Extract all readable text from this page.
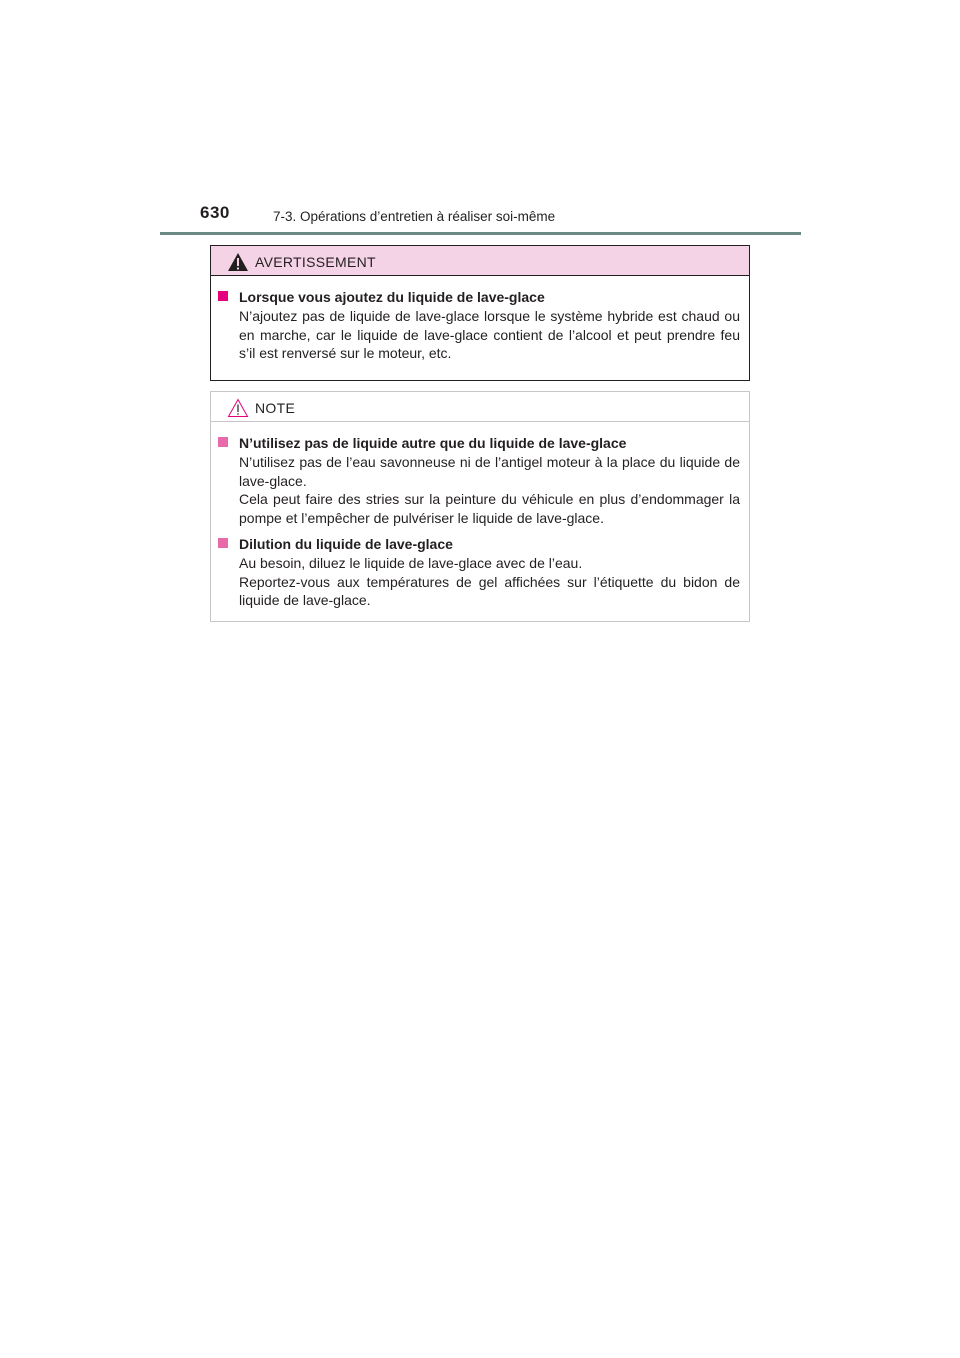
630	7-3. Opérations d’entretien à réaliser soi-même
AVERTISSEMENT
Lorsque vous ajoutez du liquide de lave-glace

N’ajoutez pas de liquide de lave-glace lorsque le système hybride est chaud ou en marche, car le liquide de lave-glace contient de l’alcool et peut prendre feu s’il est renversé sur le moteur, etc.

NOTE
N’utilisez pas de liquide autre que du liquide de lave-glace

N’utilisez pas de l’eau savonneuse ni de l’antigel moteur à la place du liquide de lave-glace.

Cela peut faire des stries sur la peinture du véhicule en plus d’endommager la pompe et l’empêcher de pulvériser le liquide de lave-glace.

Dilution du liquide de lave-glace

Au besoin, diluez le liquide de lave-glace avec de l’eau.

Reportez-vous aux températures de gel affichées sur l’étiquette du bidon de liquide de lave-glace.
